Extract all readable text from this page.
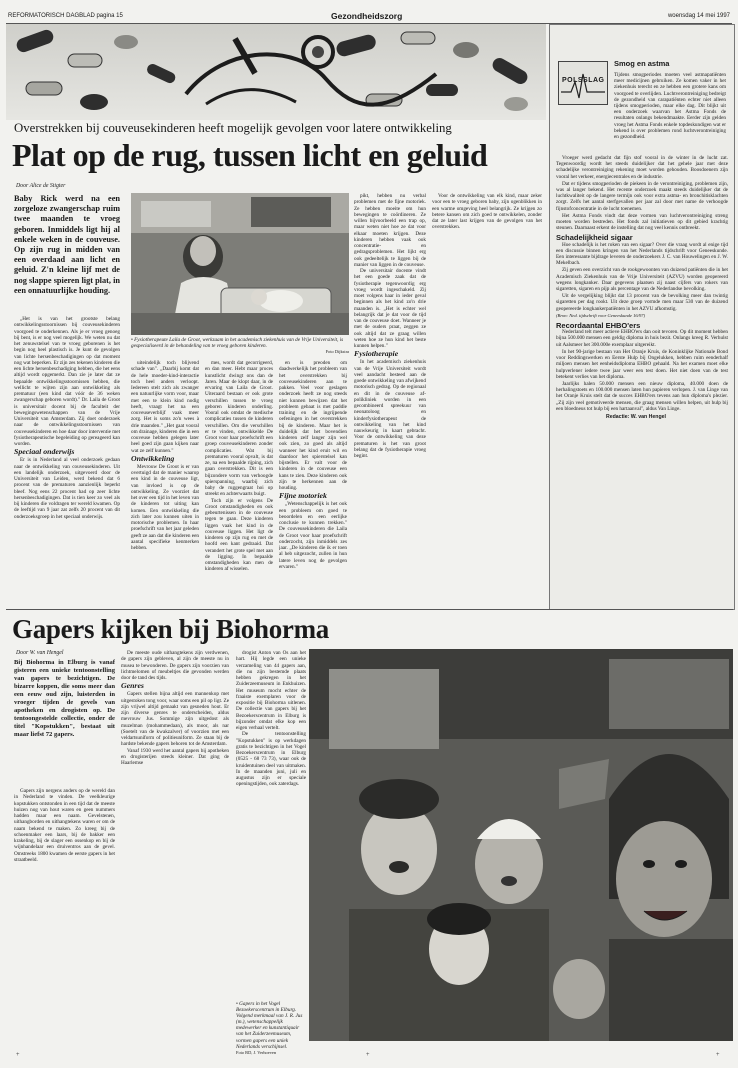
REFORMATORISCH DAGBLAD pagina 15	Gezondheidszorg	woensdag 14 mei 1997
Smog en astma
POLSSLAG
Tijdens smogperiodes moeten veel astmapatiënten meer medicijnen gebruiken. Ze komen vaker in het ziekenhuis terecht en ze hebben een grotere kans om voorgoed te overlijden. Luchtverontreiniging bedreigt de gezondheid van carapatiënten echter niet alleen tijdens smogperioden, maar elke dag. Dit blijkt uit een onderzoek waarvan het Astma Fonds de resultaten onlangs bekendmaakte. Eerder zijn gelden vroeg het Astma Fonds enkele topdeskundigen wat er bekend is over problemen rond luchtverontreiniging en gezondheid.

Vroeger werd gedacht dat fijn stof vooral in de winter in de lucht zat. Tegenwoordig wordt het steeds duidelijker dat het gehele jaar met deze schadelijke verontreiniging rekening moet worden gehouden. Boosdoenern zijn vooral het verkeer, energiecentrales en de industrie.

Dat er tijdens smogperioden de piekeen in de verontreiniging, problemen zijn, was al langer bekend. Het recente onderzoek maakt steeds duidelijker dat de luchtkwaliteit op de langere termijn ook voor extra astma- en bronchitisklachten zorgt. Zelfs het aantal sterfgevallen per jaar zal door met name de verhoogde fijnstofconcentratie in de lucht toenemen.

Het Astma Fonds vindt dat deze vormen van luchtverontreiniging streng moeten worden bestreden. Het fonds zal initiatieven op dit gebied krachtig steunen. Daarnaast erkent de instelling dat nog veel kennis ontbreekt.

Schadelijkheid sigaar

Hoe schadelijk is het roken van een sigaar? Over die vraag wordt al enige tijd een discussie binnen kringen van het Nederlands tijdschrift voor Geneeskunde. Een interessante bijdrage leveren de onderzoekers J. C. van Houwelingen en J. W. Mekelbach.

Zij geven een overzicht van de rookgewoonten van duizend patiënten die in het Academisch Ziekenhuis van de Vrije Universiteit (AZVU) worden geopereerd wegens longkanker. Daar gegevens plaatsen zij naast cijfers van rokers van sigaretten, sigaren en pijp als percentage van de Nederlandse bevolking.

Uit de vergelijking blijkt dat 13 procent van de bevolking meer dan twintig sigaretten per dag rookt. Uit deze groep vormde men maar 530 van de duizend geopereerde longkankerpatiënten in het AZVU afkomstig.

(Bron: Ned. tijdschrift voor Geneeskunde 16/97)

Recordaantal EHBO'ers

Nederland telt meer actieve EHBO'ers dan ooit tevoren. Op dit moment hebben bijna 500.000 mensen een geldig diploma in huis bezit. Onlangs kreeg R. Verhulst uit Aalsmeer het 300.000e exemplaar uitgereikt.

In het 90-jarige bestaan van Het Oranje Kruis, de Koninklijke Nationale Bond voor Reddingswerken en Eerste Hulp bij Ongelukken, hebben ruim eenderhalf miljoen mensen het eenheidsdiploma EHBO gehaald. Na het examen moet elke hulpverlener iedere twee jaar weer een test doen. Het niet doen van de test betekent verlies van het diploma.

Jaarlijks halen 50.000 mensen een nieuw diploma, 40.000 doen de herhalingstoets en 100.000 mensen laten hun papieren verlopen. J. van Linge van het Oranje Kruis stelt dat de succes EHBO'ers tevens aan hun diploma's plezier. „Zij zijn veel gemotiveerde mensen, die graag mensen willen helpen, uit hulp bij een bloedneus tot hulp bij een hartaanval", aldus Van Linge.

Redactie: W. van Hengel

Overstrekken bij couveusekinderen heeft mogelijk gevolgen voor latere ontwikkeling
Plat op de rug, tussen licht en geluid
Door Alice de Stigter
Baby Rick werd na een zorgeloze zwangerschap ruim twee maanden te vroeg geboren. Inmiddels ligt hij al enkele weken in de couveuse. Op zijn rug in midden van een overdaad aan licht en geluid. Z'n kleine lijf met de nog slappe spieren ligt plat, in een onnatuurlijke houding.

„Het is van het grootste belang ontwikkelingsstoornissen bij couveusekinderen voorgoed te onderkennen. Als je er vroeg genoeg bij bent, is er nog veel mogelijk. We weten nu dat het zenuwstelsel van te vroeg geborenen is het begin nog heel plastisch is. Je kunt de gevolgen van lichte hersenbeschadigingen op dat moment nog wat beperken. Er zijn zes tekenen kinderen die een lichte hersenbeschadiging hebben, die het eens altijd wordt opgemerkt. Dan zie je later dat ze bepaalde ontwikkelingsstoornissen hebben, die wellicht te wijten zijn aan ontwikkeling als prematuur (een kind dat vóór de 36 weken zwangerschap geboren wordt)." Dr. Laila de Groot is universitair docent bij de faculteit der bewegingswetenschappen van de Vrije Universiteit van Amsterdam. Zij doet onderzoek naar de ontwikkelingsstoornissen van couveusekinderen en hoe daar door interventie met fysiotherapeutische begeleiding op gereageerd kan worden.

Speciaal onderwijs

Er is in Nederland al veel onderzoek gedaan naar de ontwikkeling van couveusekinderen. Uit een landelijk onderzoek, uitgevoerd door de Universiteit van Leiden, werd bekend dat 6 procent van de prematuren aanzienlijk beperkt bleef. Nog eens 22 procent had op zeer lichte hersenbeschadigingen. Dat is tien keer zo veel als bij kinderen die voldragen ter wereld kwamen. Op de leeftijd van 9 jaar zat zelfs 20 procent van dit onderzoeksgroep in het speciaal onderwijs.

• Fysiotherapeute Laila de Groot, werkzaam in het academisch ziekenhuis van de Vrije Universiteit, is gespecialiseerd in de behandeling van te vroeg geboren kinderen.
Foto Dijkstra

uiteindelijk toch blijvend schade van". „Daarbij komt dat de hele moeder-kind-interactie toch heel anders verloopt. Iedereen stelt zich als zwanger een natuurlijke vorm voor, maar met een te klein kind nodig heeft, vraagt het na een couveuseverblijf vaak meer zorg. Het is soms zo'n wees à drie maanden." „Het gaat vooral om drainage, kinderen die in een couveuse hebben gelegen later heel goed zijn gaan kijken naar wat ze zelf kunnen."

Ontwikkeling

Mevrouw De Groot is er van overtuigd dat de manier waarop een kind in de couveuse ligt, van invloed is op de ontwikkeling. Ze voorziet dat het over een tijd in het leven van de kinderen tot uiting kan komen. Een ontwikkeling die zich later zou kunnen uiten in motorische problemen. In haar proefschrift van het jaar geleden geeft ze aan dat die kinderen een aantal specifieke kenmerken hebben.

mes, wordt dat gecorrigeerd, en dan meer. Hebt maar proces kunstlicht dwingt ons dan de Jaren. Maar de klopt daar, in de ervaring van Laila de Groot. Uiteraard bestaan er ook grote verschillen tussen te vroeg geboren kinderen onderling. Vooral ook omdat de medische complicaties tussen de kinderen verschillen. Om die verschillen er te vinden, ontwikkelde De Groot voor haar proefschrift een groep couveusekinderen zonder complicaties. Wat bij prematuren vooral opvalt, is dat ze, na een bepaalde rijping, zich gaan overstrekken. Dit is een bijzondere vorm van verhoogde spierspanning, waarbij zich baby de ruggengraat hoi op streekt en achterwaarts buigt.

Toch zijn er volgens De Groot omstandigheden en ook gebeurtenissen in de couveuse tegen te gaan. Deze kinderen liggen vaak het kind in de couveuse liggen. Het ligt de kinderen op zijn rug en met de hoofd een kant gedraaid. Dat verandert het grote spel met aan de ligging. In bepaalde omstandigheden kan men de kinderen af wisselen.

en is preoden om daadwerkelijk het probleem van het overstrekken bij couveusekinderen aan te pakken. Veel voor geslagen onderzoek heeft ze nog steeds niet kunnen bewijzen dat het probleem gebaat is met paddle training en de ingrijpende oefeningen in het overstrekken bij de kinderen. Maar het is duidelijk dat het bovendien kinderen zelf langer zijn wel ook zien, zo goed als altijd wanneer het kind eruit wil en daardoor het spierstelsel kan bijstellen. Er valt voor de kinderen in de couveuse een kans te zien. Deze kinderen ook zijn te herkennen aan de houding.

Fijne motoriek

„Wetenschappelijk is het ook een probleem om goed te beoordelen en een eerlijke conclusie te kunnen trekken." De couveusekinderen die Laila de Groot voor haar proefschrift onderzocht, zijn inmiddels zes jaar. „De kinderen die ik er toen al heb uitgezocht, zullen in hun latere leven nog de gevolgen ervaren."

pikt, hebben nu verbal problemen met de fijne motoriek. Ze hebben moeite om hun bewegingen te coördineren. Ze willen bijvoorbeeld een trap op, maar weten niet hoe ze dat voor elkaar moeten krijgen. Deze kinderen hebben vaak ook concentratie- en gedragsproblemen. Het lijkt erg ook gedeeltelijk te liggen bij de manier van liggen in de couveuse.

De universitair docente vindt het een goede zaak dat de fysiotherapie tegenwoordig erg vroeg wordt ingeschakeld. Zij moet volgens haar in ieder geval beginnen als het kind zo'n drie maanden is. „Het is echter wel belangrijk dat je dat voor de tijd van de couveuse doet. Wanneer je met de ouders praat, zeggen ze ook altijd dat ze graag willen weten hoe ze hun kind het beste kunnen helpen."

Fysiotherapie

In het academisch ziekenhuis van de Vrije Universiteit wordt veel aandacht besteed aan de goede ontwikkeling van afwijkend motorisch gedrag. Op de regionaal en dit in de couveuse af-polikliniek worden in een gecombineerd spreekuur van neonatoloog en kinderfysiotherapeut de ontwikkeling van het kind nauwkeurig in kaart gebracht. Voor de ontwikkeling van deze prematuren is het van groot belang dat de fysiotherapie vroeg begint.

Voor de ontwikkeling van elk kind, maar zeker voor een te vroeg geboren baby, zijn ogenblikken in een warme omgeving heel belangrijk. Ze krijgen zo betere kansen om zich goed te ontwikkelen, zonder dat ze later last krijgen van de gevolgen van het overstrekken.

Gapers kijken bij Biohorma
Door W. van Hengel
Bij Biohorma in Elburg is vanaf gisteren een unieke tentoonstelling van gapers te bezichtigen. De bizarre koppen, die soms meer dan een eeuw oud zijn, luisterden in vroeger tijden de gevels van apotheken en drogisten op. De tentoongestelde collectie, onder de titel "Kopstukken", bestaat uit maar liefst 72 gapers.

Gapers zijn nergens anders op de wereld dan in Nederland te vinden. De veelkleurige kopstukken ontstonden in een tijd dat de meeste huizen nog van hout waren en geen nummers hadden maar een naam. Gevelstenen, uithangborden en uithangtekens waren er om de naam bekend te maken. Zo kreeg bij de schoenmaker een laars, bij de bakker een krakeling, bij de slager een ossenkop en bij de wijnhandelaar een druiventros aan de gevel. Omstreeks 1800 kwamen de eerste gapers in het straatbeeld.

De meeste oude uithangtekens zijn verdwenen, de gapers zijn gebleven, al zijn de meeste nu in musea te bewonderen. De gapers zijn voorzien van lichtmelomen of meubeltjes die gevonden werden door de tand des tijds.

Genres

Gapers stellen bijna altijd een mannenkop met uitgestoken tong voor, waar soms een pil op ligt. Ze zijn vrijwel altijd gemaakt van gesneden hout. Er zijn diverse genres te onderscheiden, aldus mevrouw Jus. Sommige zijn uitgedost als muzelman (mohammedaan), als moor, als nar (Soetelt van de kwakzalver) of voorzien met een veldartsuniform of politieuniform. Ze staan bij de hardste bekende gapers behoren tot de Amsterdam.

Vanaf 1930 werd het aantal gapers bij apotheken en drogisterijen steeds kleiner. Dat ging de Haarlemse

drogist Anton van Os aan het hart. Hij legde een unieke verzameling van 44 gapers aan, die nu zijn bestemde plaats hebben gekregen in het Zuiderzeemuseum in Enkhuizen. Het museum mocht echter de fraaiste exemplaren voor de expositie bij Biohorma uitlenen. De collectie van gapers bij het Bezoekerscentrum in Elburg is bijzonder omdat elke kop een eigen verhaal vertelt.

De tentoonstelling "Kopstukken" is op werkdagen gratis te bezichtigen in het Vogel Bezoekerscentrum in Elburg (0525 - 68 73 73), waar ook de kruidentuinen deel van uitmaken. In de maanden juni, juli en augustus zijn er speciale openingstijden, ook zaterdags.

• Gapers in het Vogel Bezoekerscentrum in Elburg. Volgend merkmaal van J. R. Jus (m.), wetenschappelijk medewerker en kunstantiquair van het Zuiderzeemuseum, vormen gapers een uniek Nederlands verschijnsel.
Foto RD, J. Verhoeven
+	+	+
